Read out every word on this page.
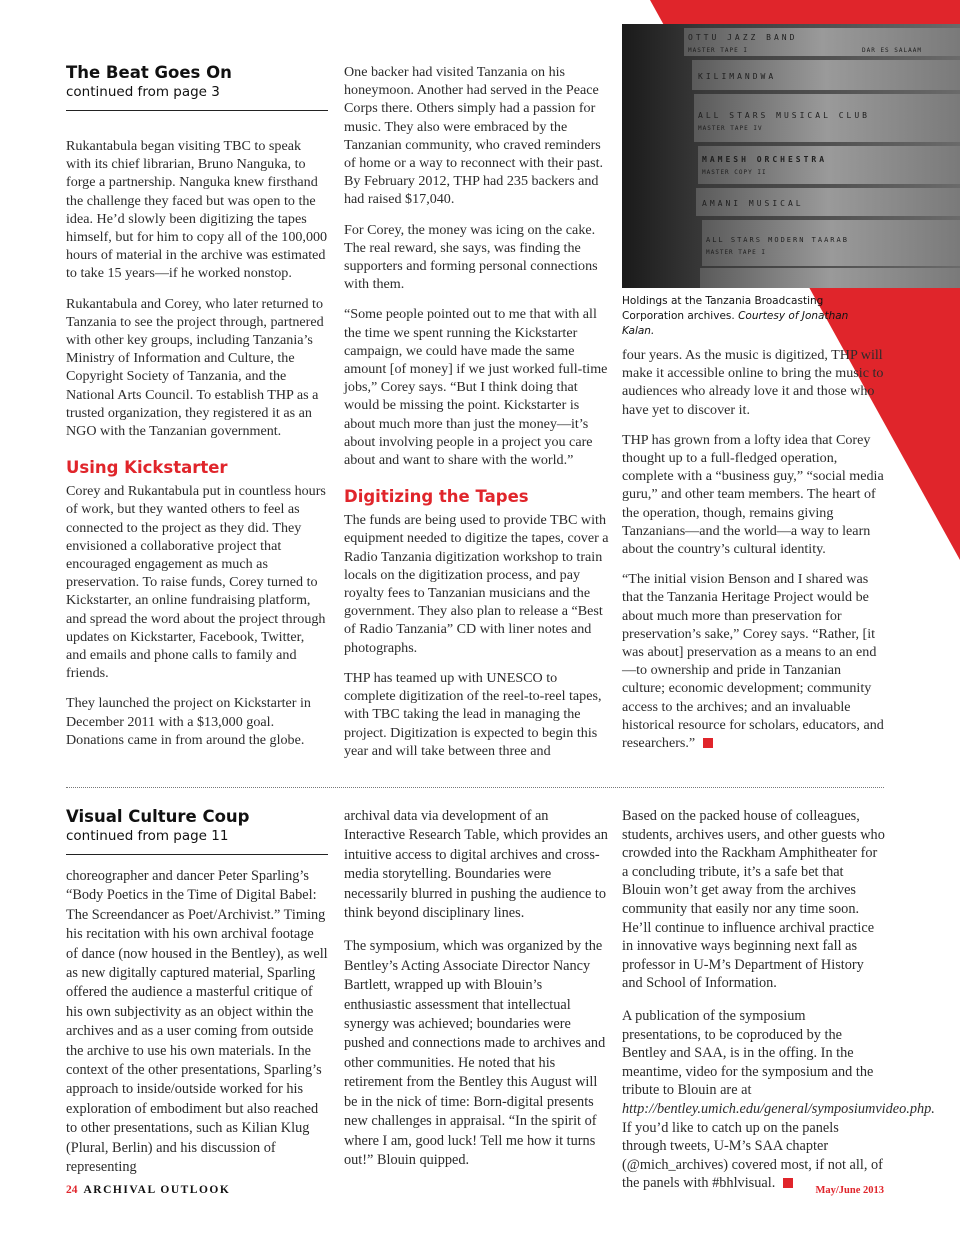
OTTU JAZZ BAND
MASTER TAPE I	DAR ES SALAAM
KILIMANDWA
ALL STARS MUSICAL CLUB
MASTER TAPE IV
MAMESH ORCHESTRA
MASTER COPY II
AMANI MUSICAL
ALL STARS MODERN TAARAB
MASTER TAPE I
The Beat Goes On
continued from page 3

Rukantabula began visiting TBC to speak with its chief librarian, Bruno Nanguka, to forge a partnership. Nanguka knew firsthand the challenge they faced but was open to the idea. He’d slowly been digitizing the tapes himself, but for him to copy all of the 100,000 hours of material in the archive was estimated to take 15 years—if he worked nonstop.

Rukantabula and Corey, who later returned to Tanzania to see the project through, partnered with other key groups, including Tanzania’s Ministry of Information and Culture, the Copyright Society of Tanzania, and the National Arts Council. To establish THP as a trusted organization, they registered it as an NGO with the Tanzanian government.

Using Kickstarter

Corey and Rukantabula put in countless hours of work, but they wanted others to feel as connected to the project as they did. They envisioned a collaborative project that encouraged engagement as much as preservation. To raise funds, Corey turned to Kickstarter, an online fundraising platform, and spread the word about the project through updates on Kickstarter, Facebook, Twitter, and emails and phone calls to family and friends.

They launched the project on Kickstarter in December 2011 with a $13,000 goal. Donations came in from around the globe.

One backer had visited Tanzania on his honeymoon. Another had served in the Peace Corps there. Others simply had a passion for music. They also were embraced by the Tanzanian community, who craved reminders of home or a way to reconnect with their past. By February 2012, THP had 235 backers and had raised $17,040.

For Corey, the money was icing on the cake. The real reward, she says, was finding the supporters and forming personal connections with them.

“Some people pointed out to me that with all the time we spent running the Kickstarter campaign, we could have made the same amount [of money] if we just worked full-time jobs,” Corey says. “But I think doing that would be missing the point. Kickstarter is about much more than just the money—it’s about involving people in a project you care about and want to share with the world.”

Digitizing the Tapes

The funds are being used to provide TBC with equipment needed to digitize the tapes, cover a Radio Tanzania digitization workshop to train locals on the digitization process, and pay royalty fees to Tanzanian musicians and the government. They also plan to release a “Best of Radio Tanzania” CD with liner notes and photographs.

THP has teamed up with UNESCO to complete digitization of the reel-to-reel tapes, with TBC taking the lead in managing the project. Digitization is expected to begin this year and will take between three and

Holdings at the Tanzania Broadcasting Corporation archives. Courtesy of Jonathan Kalan.

four years. As the music is digitized, THP will make it accessible online to bring the music to audiences who already love it and those who have yet to discover it.

THP has grown from a lofty idea that Corey thought up to a full-fledged operation, complete with a “business guy,” “social media guru,” and other team members. The heart of the operation, though, remains giving Tanzanians—and the world—a way to learn about the country’s cultural identity.

“The initial vision Benson and I shared was that the Tanzania Heritage Project would be about much more than preservation for preservation’s sake,” Corey says. “Rather, [it was about] preservation as a means to an end—to ownership and pride in Tanzanian culture; economic development; community access to the archives; and an invaluable historical resource for scholars, educators, and researchers.”

Visual Culture Coup
continued from page 11

choreographer and dancer Peter Sparling’s “Body Poetics in the Time of Digital Babel: The Screendancer as Poet/Archivist.” Timing his recitation with his own archival footage of dance (now housed in the Bentley), as well as new digitally captured material, Sparling offered the audience a masterful critique of his own subjectivity as an object within the archives and as a user coming from outside the archive to use his own materials. In the context of the other presentations, Sparling’s approach to inside/outside worked for his exploration of embodiment but also reached to other presentations, such as Kilian Klug (Plural, Berlin) and his discussion of representing

archival data via development of an Interactive Research Table, which provides an intuitive access to digital archives and cross-media storytelling. Boundaries were necessarily blurred in pushing the audience to think beyond disciplinary lines.

The symposium, which was organized by the Bentley’s Acting Associate Director Nancy Bartlett, wrapped up with Blouin’s enthusiastic assessment that intellectual synergy was achieved; boundaries were pushed and connections made to archives and other communities. He noted that his retirement from the Bentley this August will be in the nick of time: Born-digital presents new challenges in appraisal. “In the spirit of where I am, good luck! Tell me how it turns out!” Blouin quipped.

Based on the packed house of colleagues, students, archives users, and other guests who crowded into the Rackham Amphitheater for a concluding tribute, it’s a safe bet that Blouin won’t get away from the archives community that easily nor any time soon. He’ll continue to influence archival practice in innovative ways beginning next fall as professor in U-M’s Department of History and School of Information.

A publication of the symposium presentations, to be coproduced by the Bentley and SAA, is in the offing. In the meantime, video for the symposium and the tribute to Blouin are at http://bentley.umich.edu/general/symposiumvideo.php. If you’d like to catch up on the panels through tweets, U-M’s SAA chapter (@mich_archives) covered most, if not all, of the panels with #bhlvisual.

24 ARCHIVAL OUTLOOK	May/June 2013
